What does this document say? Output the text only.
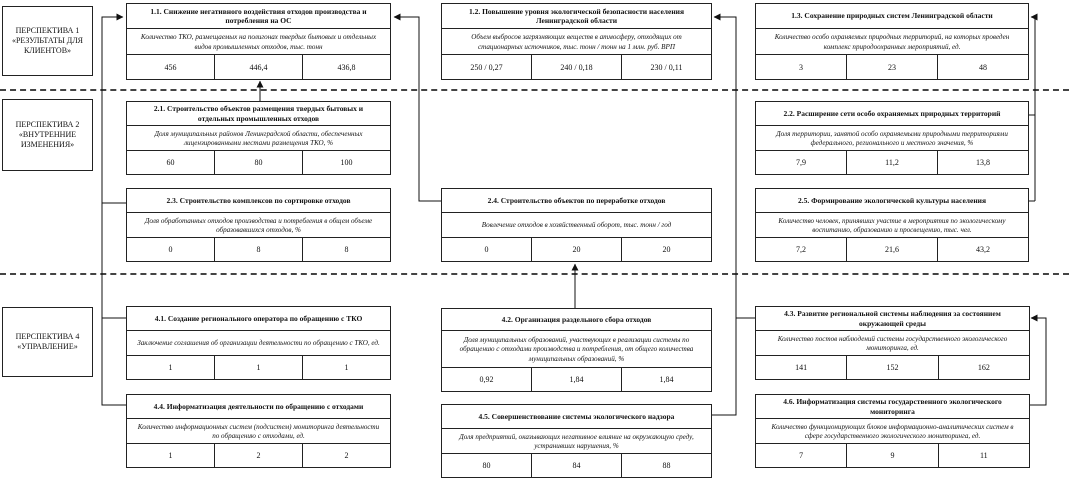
ПЕРСПЕКТИВА 1 «РЕЗУЛЬТАТЫ ДЛЯ КЛИЕНТОВ»
ПЕРСПЕКТИВА 2 «ВНУТРЕННИЕ ИЗМЕНЕНИЯ»
ПЕРСПЕКТИВА 4 «УПРАВЛЕНИЕ»
1.1. Снижение негативного воздействия отходов производства и потребления на ОС
Количество ТКО, размещаемых на полигонах твердых бытовых и отдельных видов промышленных отходов, тыс. тонн
456	446,4	436,8
1.2. Повышение уровня экологической безопасности населения Ленинградской области
Объем выбросов загрязняющих веществ в атмосферу, отходящих от стационарных источников, тыс. тонн / тонн на 1 млн. руб. ВРП
250 / 0,27	240 / 0,18	230 / 0,11
1.3. Сохранение природных систем Ленинградской области
Количество особо охраняемых природных территорий, на которых проведен комплекс природоохранных мероприятий, ед.
3	23	48
2.1. Строительство объектов размещения твердых бытовых и отдельных промышленных отходов
Доля муниципальных районов Ленинградской области, обеспеченных лицензированными местами размещения ТКО, %
60	80	100
2.2. Расширение сети особо охраняемых природных территорий
Доля территории, занятой особо охраняемыми природными территориями федерального, регионального и местного значения, %
7,9	11,2	13,8
2.3. Строительство комплексов по сортировке отходов
Доля обработанных отходов производства и потребления в общем объеме образовавшихся отходов, %
0	8	8
2.4. Строительство объектов по переработке отходов
Вовлечение отходов в хозяйственный оборот, тыс. тонн / год
0	20	20
2.5. Формирование экологической культуры населения
Количество человек, принявших участие в мероприятия по экологическому воспитанию, образованию и просвещению, тыс. чел.
7,2	21,6	43,2
4.1. Создание регионального оператора по обращению с ТКО
Заключение соглашения об организации деятельности по обращению с ТКО, ед.
1	1	1
4.2. Организация раздельного сбора отходов
Доля муниципальных образований, участвующих в реализации системы по обращению с отходами производства и потребления, от общего количества муниципальных образований, %
0,92	1,84	1,84
4.3. Развитие региональной системы наблюдения за состоянием окружающей среды
Количество постов наблюдений системы государственного экологического мониторинга, ед.
141	152	162
4.4. Информатизация деятельности по обращению с отходами
Количество информационных систем (подсистем) мониторинга деятельности по обращению с отходами, ед.
1	2	2
4.5. Совершенствование системы экологического надзора
Доля предприятий, оказывающих негативное влияние на окружающую среду, устранивших нарушения, %
80	84	88
4.6. Информатизация системы государственного экологического мониторинга
Количество функционирующих блоков информационно-аналитических систем в сфере государственного экологического мониторинга, ед.
7	9	11
